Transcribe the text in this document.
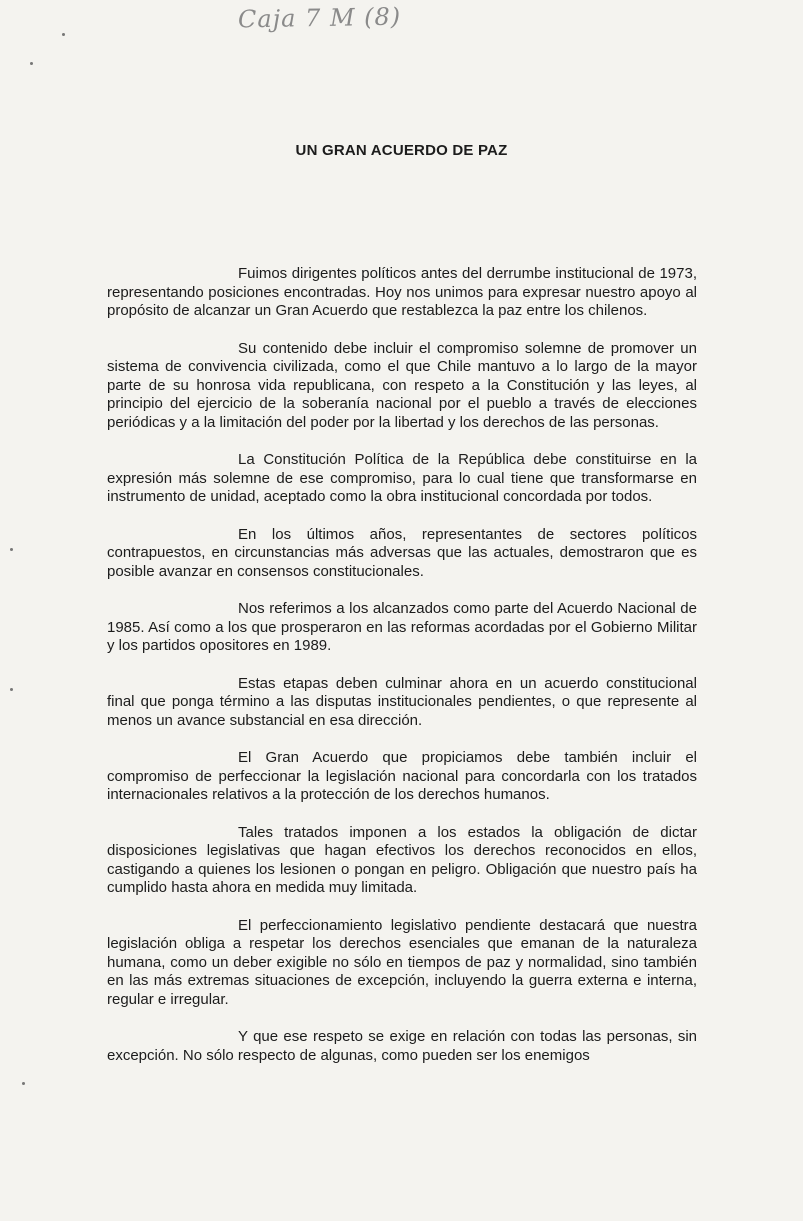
Caja 7 M (8)
UN GRAN ACUERDO DE PAZ

Fuimos dirigentes políticos antes del derrumbe institucional de 1973, representando posiciones encontradas. Hoy nos unimos para expresar nuestro apoyo al propósito de alcanzar un Gran Acuerdo que restablezca la paz entre los chilenos.

Su contenido debe incluir el compromiso solemne de promover un sistema de convivencia civilizada, como el que Chile mantuvo a lo largo de la mayor parte de su honrosa vida republicana, con respeto a la Constitución y las leyes, al principio del ejercicio de la soberanía nacional por el pueblo a través de elecciones periódicas y a la limitación del poder por la libertad y los derechos de las personas.

La Constitución Política de la República debe constituirse en la expresión más solemne de ese compromiso, para lo cual tiene que transformarse en instrumento de unidad, aceptado como la obra institucional concordada por todos.

En los últimos años, representantes de sectores políticos contrapuestos, en circunstancias más adversas que las actuales, demostraron que es posible avanzar en consensos constitucionales.

Nos referimos a los alcanzados como parte del Acuerdo Nacional de 1985. Así como a los que prosperaron en las reformas acordadas por el Gobierno Militar y los partidos opositores en 1989.

Estas etapas deben culminar ahora en un acuerdo constitucional final que ponga término a las disputas institucionales pendientes, o que represente al menos un avance substancial en esa dirección.

El Gran Acuerdo que propiciamos debe también incluir el compromiso de perfeccionar la legislación nacional para concordarla con los tratados internacionales relativos a la protección de los derechos humanos.

Tales tratados imponen a los estados la obligación de dictar disposiciones legislativas que hagan efectivos los derechos reconocidos en ellos, castigando a quienes los lesionen o pongan en peligro. Obligación que nuestro país ha cumplido hasta ahora en medida muy limitada.

El perfeccionamiento legislativo pendiente destacará que nuestra legislación obliga a respetar los derechos esenciales que emanan de la naturaleza humana, como un deber exigible no sólo en tiempos de paz y normalidad, sino también en las más extremas situaciones de excepción, incluyendo la guerra externa e interna, regular e irregular.

Y que ese respeto se exige en relación con todas las personas, sin excepción. No sólo respecto de algunas, como pueden ser los enemigos
